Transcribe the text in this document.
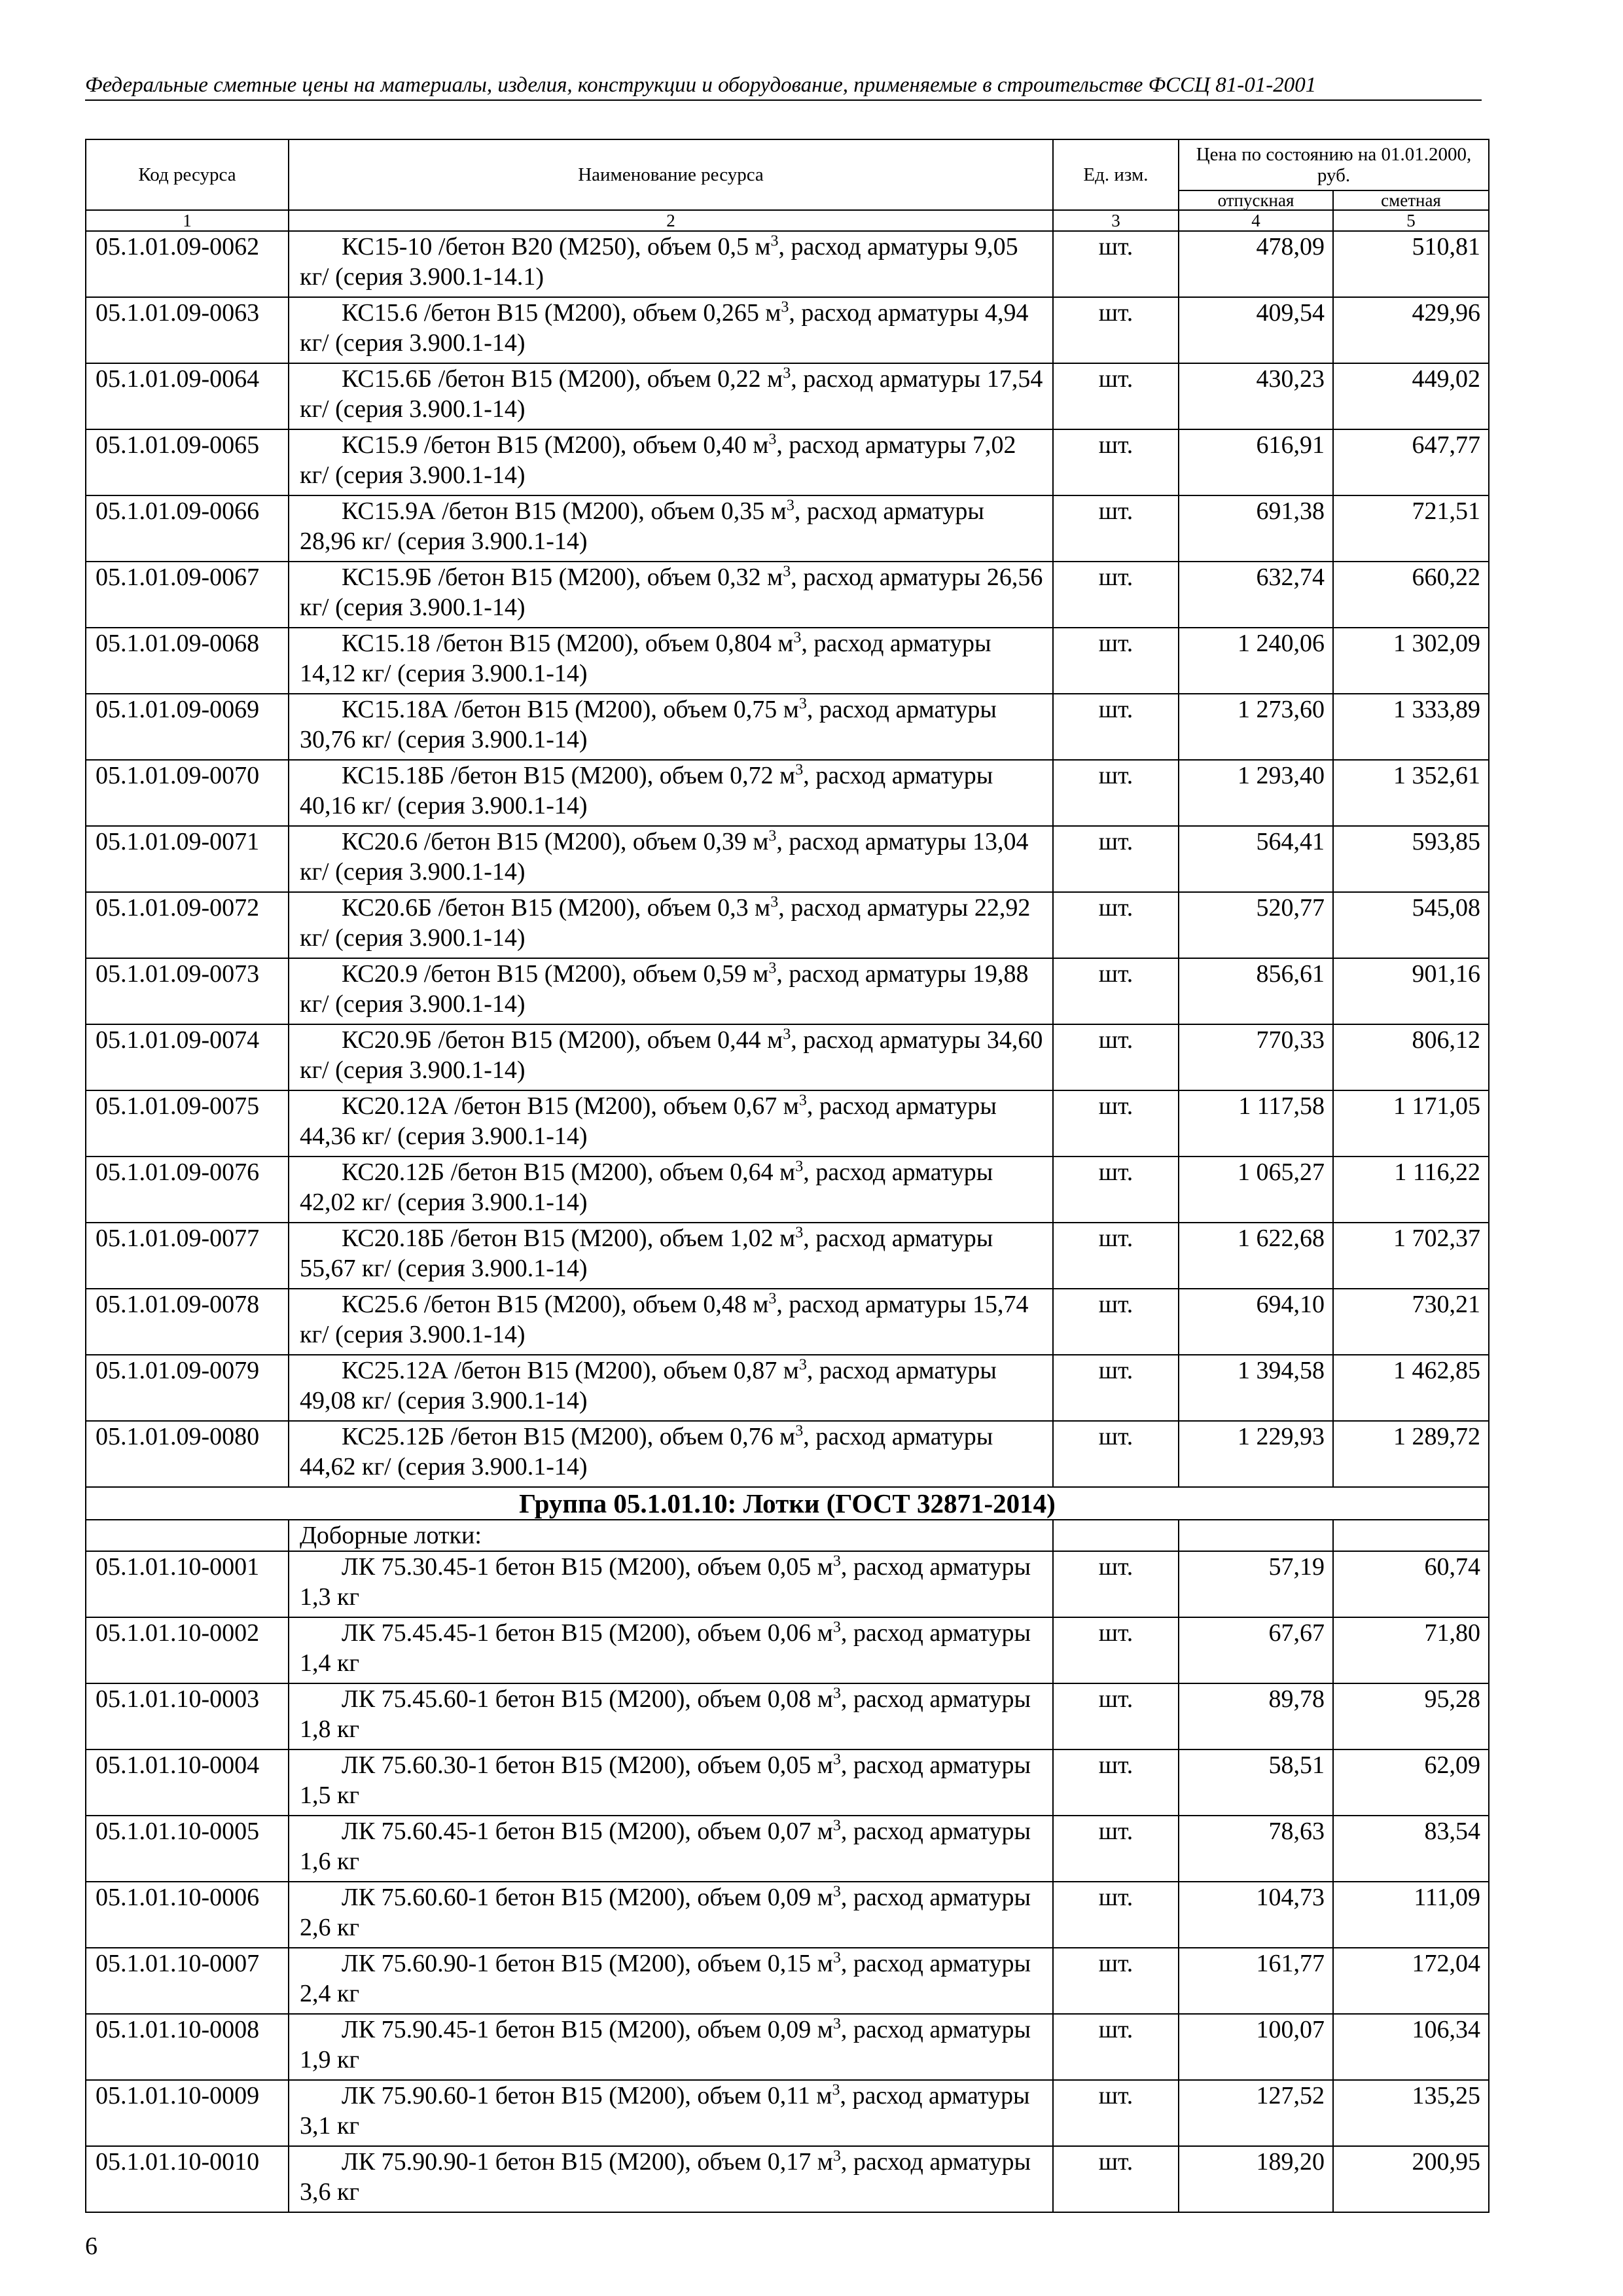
Федеральные сметные цены на материалы, изделия, конструкции и оборудование, применяемые в строительстве ФССЦ 81-01-2001
Код ресурса	Наименование ресурса	Ед. изм.	Цена по состоянию на 01.01.2000, руб.	
			отпускная	сметная
1	2	3	4	5
05.1.01.09-0062	КС15-10 /бетон В20 (М250), объем 0,5 $м^3$, расход арматуры 9,05 кг/ (серия 3.900.1-14.1)	шт.	478,09	510,81
05.1.01.09-0063	КС15.6 /бетон В15 (М200), объем 0,265 $м^3$, расход арматуры 4,94 кг/ (серия 3.900.1-14)	шт.	409,54	429,96
05.1.01.09-0064	КС15.6Б /бетон В15 (М200), объем 0,22 $м^3$, расход арматуры 17,54 кг/ (серия 3.900.1-14)	шт.	430,23	449,02
05.1.01.09-0065	КС15.9 /бетон В15 (М200), объем 0,40 $м^3$, расход арматуры 7,02 кг/ (серия 3.900.1-14)	шт.	616,91	647,77
05.1.01.09-0066	КС15.9А /бетон В15 (М200), объем 0,35 $м^3$, расход арматуры 28,96 кг/ (серия 3.900.1-14)	шт.	691,38	721,51
05.1.01.09-0067	КС15.9Б /бетон В15 (М200), объем 0,32 $м^3$, расход арматуры 26,56 кг/ (серия 3.900.1-14)	шт.	632,74	660,22
05.1.01.09-0068	КС15.18 /бетон В15 (М200), объем 0,804 $м^3$, расход арматуры 14,12 кг/ (серия 3.900.1-14)	шт.	1 240,06	1 302,09
05.1.01.09-0069	КС15.18А /бетон В15 (М200), объем 0,75 $м^3$, расход арматуры 30,76 кг/ (серия 3.900.1-14)	шт.	1 273,60	1 333,89
05.1.01.09-0070	КС15.18Б /бетон В15 (М200), объем 0,72 $м^3$, расход арматуры 40,16 кг/ (серия 3.900.1-14)	шт.	1 293,40	1 352,61
05.1.01.09-0071	КС20.6 /бетон В15 (М200), объем 0,39 $м^3$, расход арматуры 13,04 кг/ (серия 3.900.1-14)	шт.	564,41	593,85
05.1.01.09-0072	КС20.6Б /бетон В15 (М200), объем 0,3 $м^3$, расход арматуры 22,92 кг/ (серия 3.900.1-14)	шт.	520,77	545,08
05.1.01.09-0073	КС20.9 /бетон В15 (М200), объем 0,59 $м^3$, расход арматуры 19,88 кг/ (серия 3.900.1-14)	шт.	856,61	901,16
05.1.01.09-0074	КС20.9Б /бетон В15 (М200), объем 0,44 $м^3$, расход арматуры 34,60 кг/ (серия 3.900.1-14)	шт.	770,33	806,12
05.1.01.09-0075	КС20.12А /бетон В15 (М200), объем 0,67 $м^3$, расход арматуры 44,36 кг/ (серия 3.900.1-14)	шт.	1 117,58	1 171,05
05.1.01.09-0076	КС20.12Б /бетон В15 (М200), объем 0,64 $м^3$, расход арматуры 42,02 кг/ (серия 3.900.1-14)	шт.	1 065,27	1 116,22
05.1.01.09-0077	КС20.18Б /бетон В15 (М200), объем 1,02 $м^3$, расход арматуры 55,67 кг/ (серия 3.900.1-14)	шт.	1 622,68	1 702,37
05.1.01.09-0078	КС25.6 /бетон В15 (М200), объем 0,48 $м^3$, расход арматуры 15,74 кг/ (серия 3.900.1-14)	шт.	694,10	730,21
05.1.01.09-0079	КС25.12А /бетон В15 (М200), объем 0,87 $м^3$, расход арматуры 49,08 кг/ (серия 3.900.1-14)	шт.	1 394,58	1 462,85
05.1.01.09-0080	КС25.12Б /бетон В15 (М200), объем 0,76 $м^3$, расход арматуры 44,62 кг/ (серия 3.900.1-14)	шт.	1 229,93	1 289,72
Группа 05.1.01.10: Лотки (ГОСТ 32871-2014)				
	Доборные лотки:			
05.1.01.10-0001	ЛК 75.30.45-1 бетон В15 (М200), объем 0,05 $м^3$, расход арматуры 1,3 кг	шт.	57,19	60,74
05.1.01.10-0002	ЛК 75.45.45-1 бетон В15 (М200), объем 0,06 $м^3$, расход арматуры 1,4 кг	шт.	67,67	71,80
05.1.01.10-0003	ЛК 75.45.60-1 бетон В15 (М200), объем 0,08 $м^3$, расход арматуры 1,8 кг	шт.	89,78	95,28
05.1.01.10-0004	ЛК 75.60.30-1 бетон В15 (М200), объем 0,05 $м^3$, расход арматуры 1,5 кг	шт.	58,51	62,09
05.1.01.10-0005	ЛК 75.60.45-1 бетон В15 (М200), объем 0,07 $м^3$, расход арматуры 1,6 кг	шт.	78,63	83,54
05.1.01.10-0006	ЛК 75.60.60-1 бетон В15 (М200), объем 0,09 $м^3$, расход арматуры 2,6 кг	шт.	104,73	111,09
05.1.01.10-0007	ЛК 75.60.90-1 бетон В15 (М200), объем 0,15 $м^3$, расход арматуры 2,4 кг	шт.	161,77	172,04
05.1.01.10-0008	ЛК 75.90.45-1 бетон В15 (М200), объем 0,09 $м^3$, расход арматуры 1,9 кг	шт.	100,07	106,34
05.1.01.10-0009	ЛК 75.90.60-1 бетон В15 (М200), объем 0,11 $м^3$, расход арматуры 3,1 кг	шт.	127,52	135,25
05.1.01.10-0010	ЛК 75.90.90-1 бетон В15 (М200), объем 0,17 $м^3$, расход арматуры 3,6 кг	шт.	189,20	200,95
6
